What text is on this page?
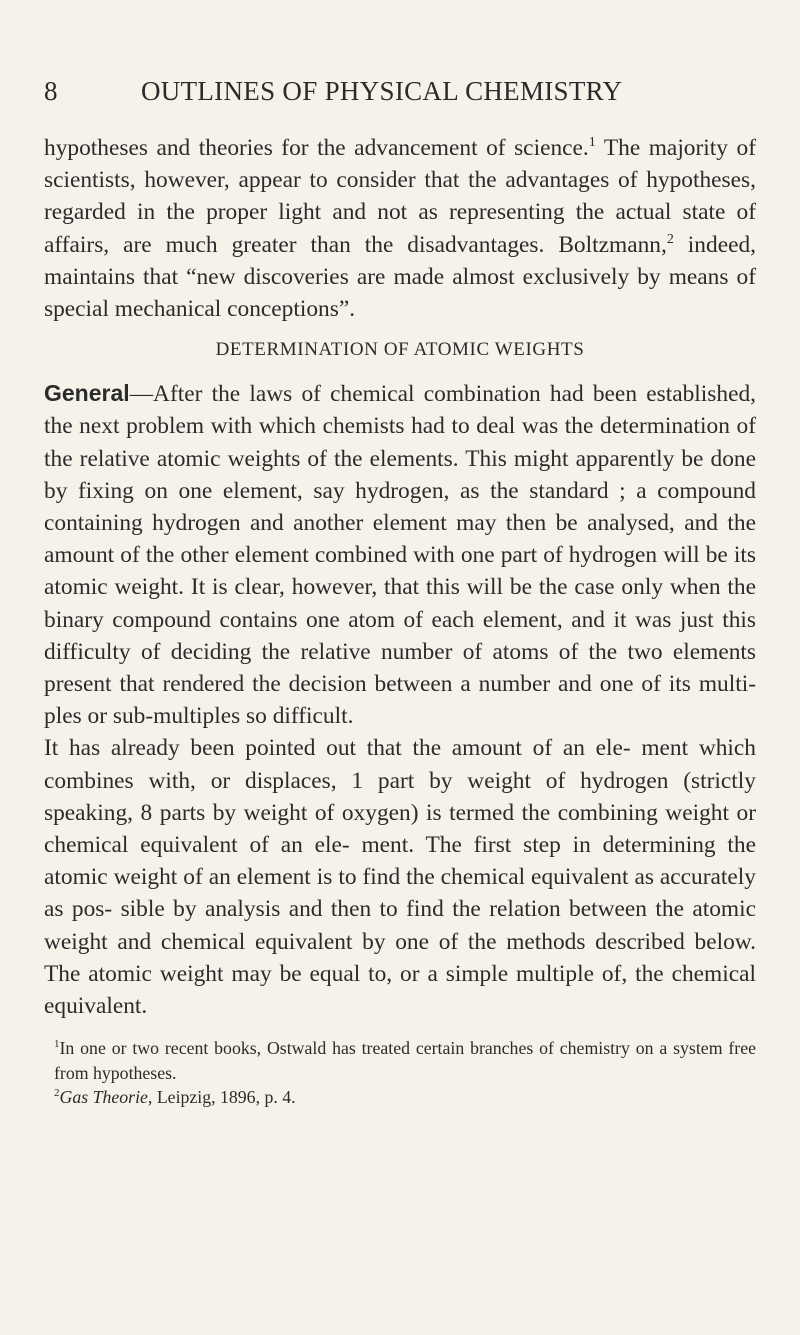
8	OUTLINES OF PHYSICAL CHEMISTRY

hypotheses and theories for the advancement of science.$^1$ The majority of scientists, however, appear to consider that the advantages of hypotheses, regarded in the proper light and not as representing the actual state of affairs, are much greater than the disadvantages. Boltzmann,$^2$ indeed, maintains that “new discoveries are made almost exclusively by means of special mechanical conceptions”.

DETERMINATION OF ATOMIC WEIGHTS

General—After the laws of chemical combination had been established, the next problem with which chemists had to deal was the determination of the relative atomic weights of the elements. This might apparently be done by fixing on one element, say hydrogen, as the standard ; a compound containing hydrogen and another element may then be analysed, and the amount of the other element combined with one part of hydrogen will be its atomic weight. It is clear, however, that this will be the case only when the binary compound contains one atom of each element, and it was just this difficulty of deciding the relative number of atoms of the two elements present that rendered the decision between a number and one of its multi- ples or sub-multiples so difficult.

It has already been pointed out that the amount of an ele- ment which combines with, or displaces, 1 part by weight of hydrogen (strictly speaking, 8 parts by weight of oxygen) is termed the combining weight or chemical equivalent of an ele- ment. The first step in determining the atomic weight of an element is to find the chemical equivalent as accurately as pos- sible by analysis and then to find the relation between the atomic weight and chemical equivalent by one of the methods described below. The atomic weight may be equal to, or a simple multiple of, the chemical equivalent.

$^1$In one or two recent books, Ostwald has treated certain branches of chemistry on a system free from hypotheses.

$^2$Gas Theorie, Leipzig, 1896, p. 4.
